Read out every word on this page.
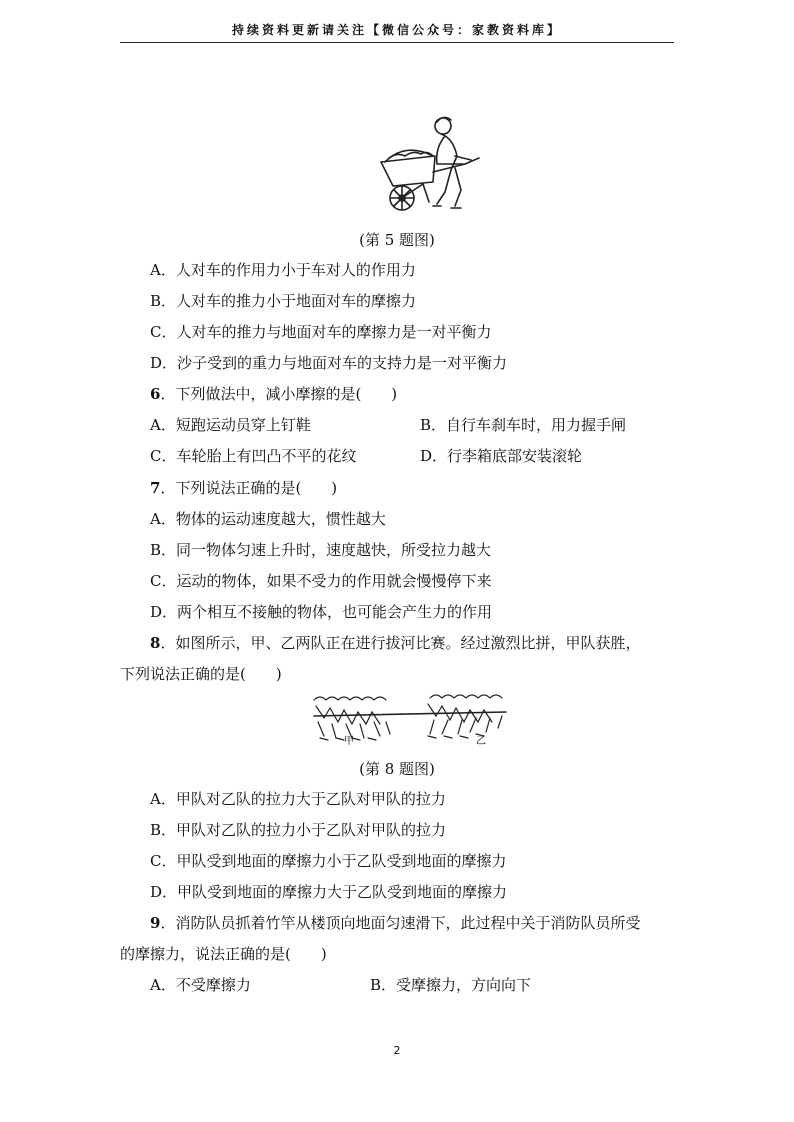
持续资料更新请关注【微信公众号：家教资料库】
(第 5 题图)
A．人对车的作用力小于车对人的作用力
B．人对车的推力小于地面对车的摩擦力
C．人对车的推力与地面对车的摩擦力是一对平衡力
D．沙子受到的重力与地面对车的支持力是一对平衡力
6．下列做法中，减小摩擦的是(　　)
A．短跑运动员穿上钉鞋	B．自行车刹车时，用力握手闸
C．车轮胎上有凹凸不平的花纹	D．行李箱底部安装滚轮
7．下列说法正确的是(　　)
A．物体的运动速度越大，惯性越大
B．同一物体匀速上升时，速度越快，所受拉力越大
C．运动的物体，如果不受力的作用就会慢慢停下来
D．两个相互不接触的物体，也可能会产生力的作用
8．如图所示，甲、乙两队正在进行拔河比赛。经过激烈比拼，甲队获胜，
下列说法正确的是(　　)
甲	乙
(第 8 题图)
A．甲队对乙队的拉力大于乙队对甲队的拉力
B．甲队对乙队的拉力小于乙队对甲队的拉力
C．甲队受到地面的摩擦力小于乙队受到地面的摩擦力
D．甲队受到地面的摩擦力大于乙队受到地面的摩擦力
9．消防队员抓着竹竿从楼顶向地面匀速滑下，此过程中关于消防队员所受
的摩擦力，说法正确的是(　　)
A．不受摩擦力	B．受摩擦力，方向向下
2
